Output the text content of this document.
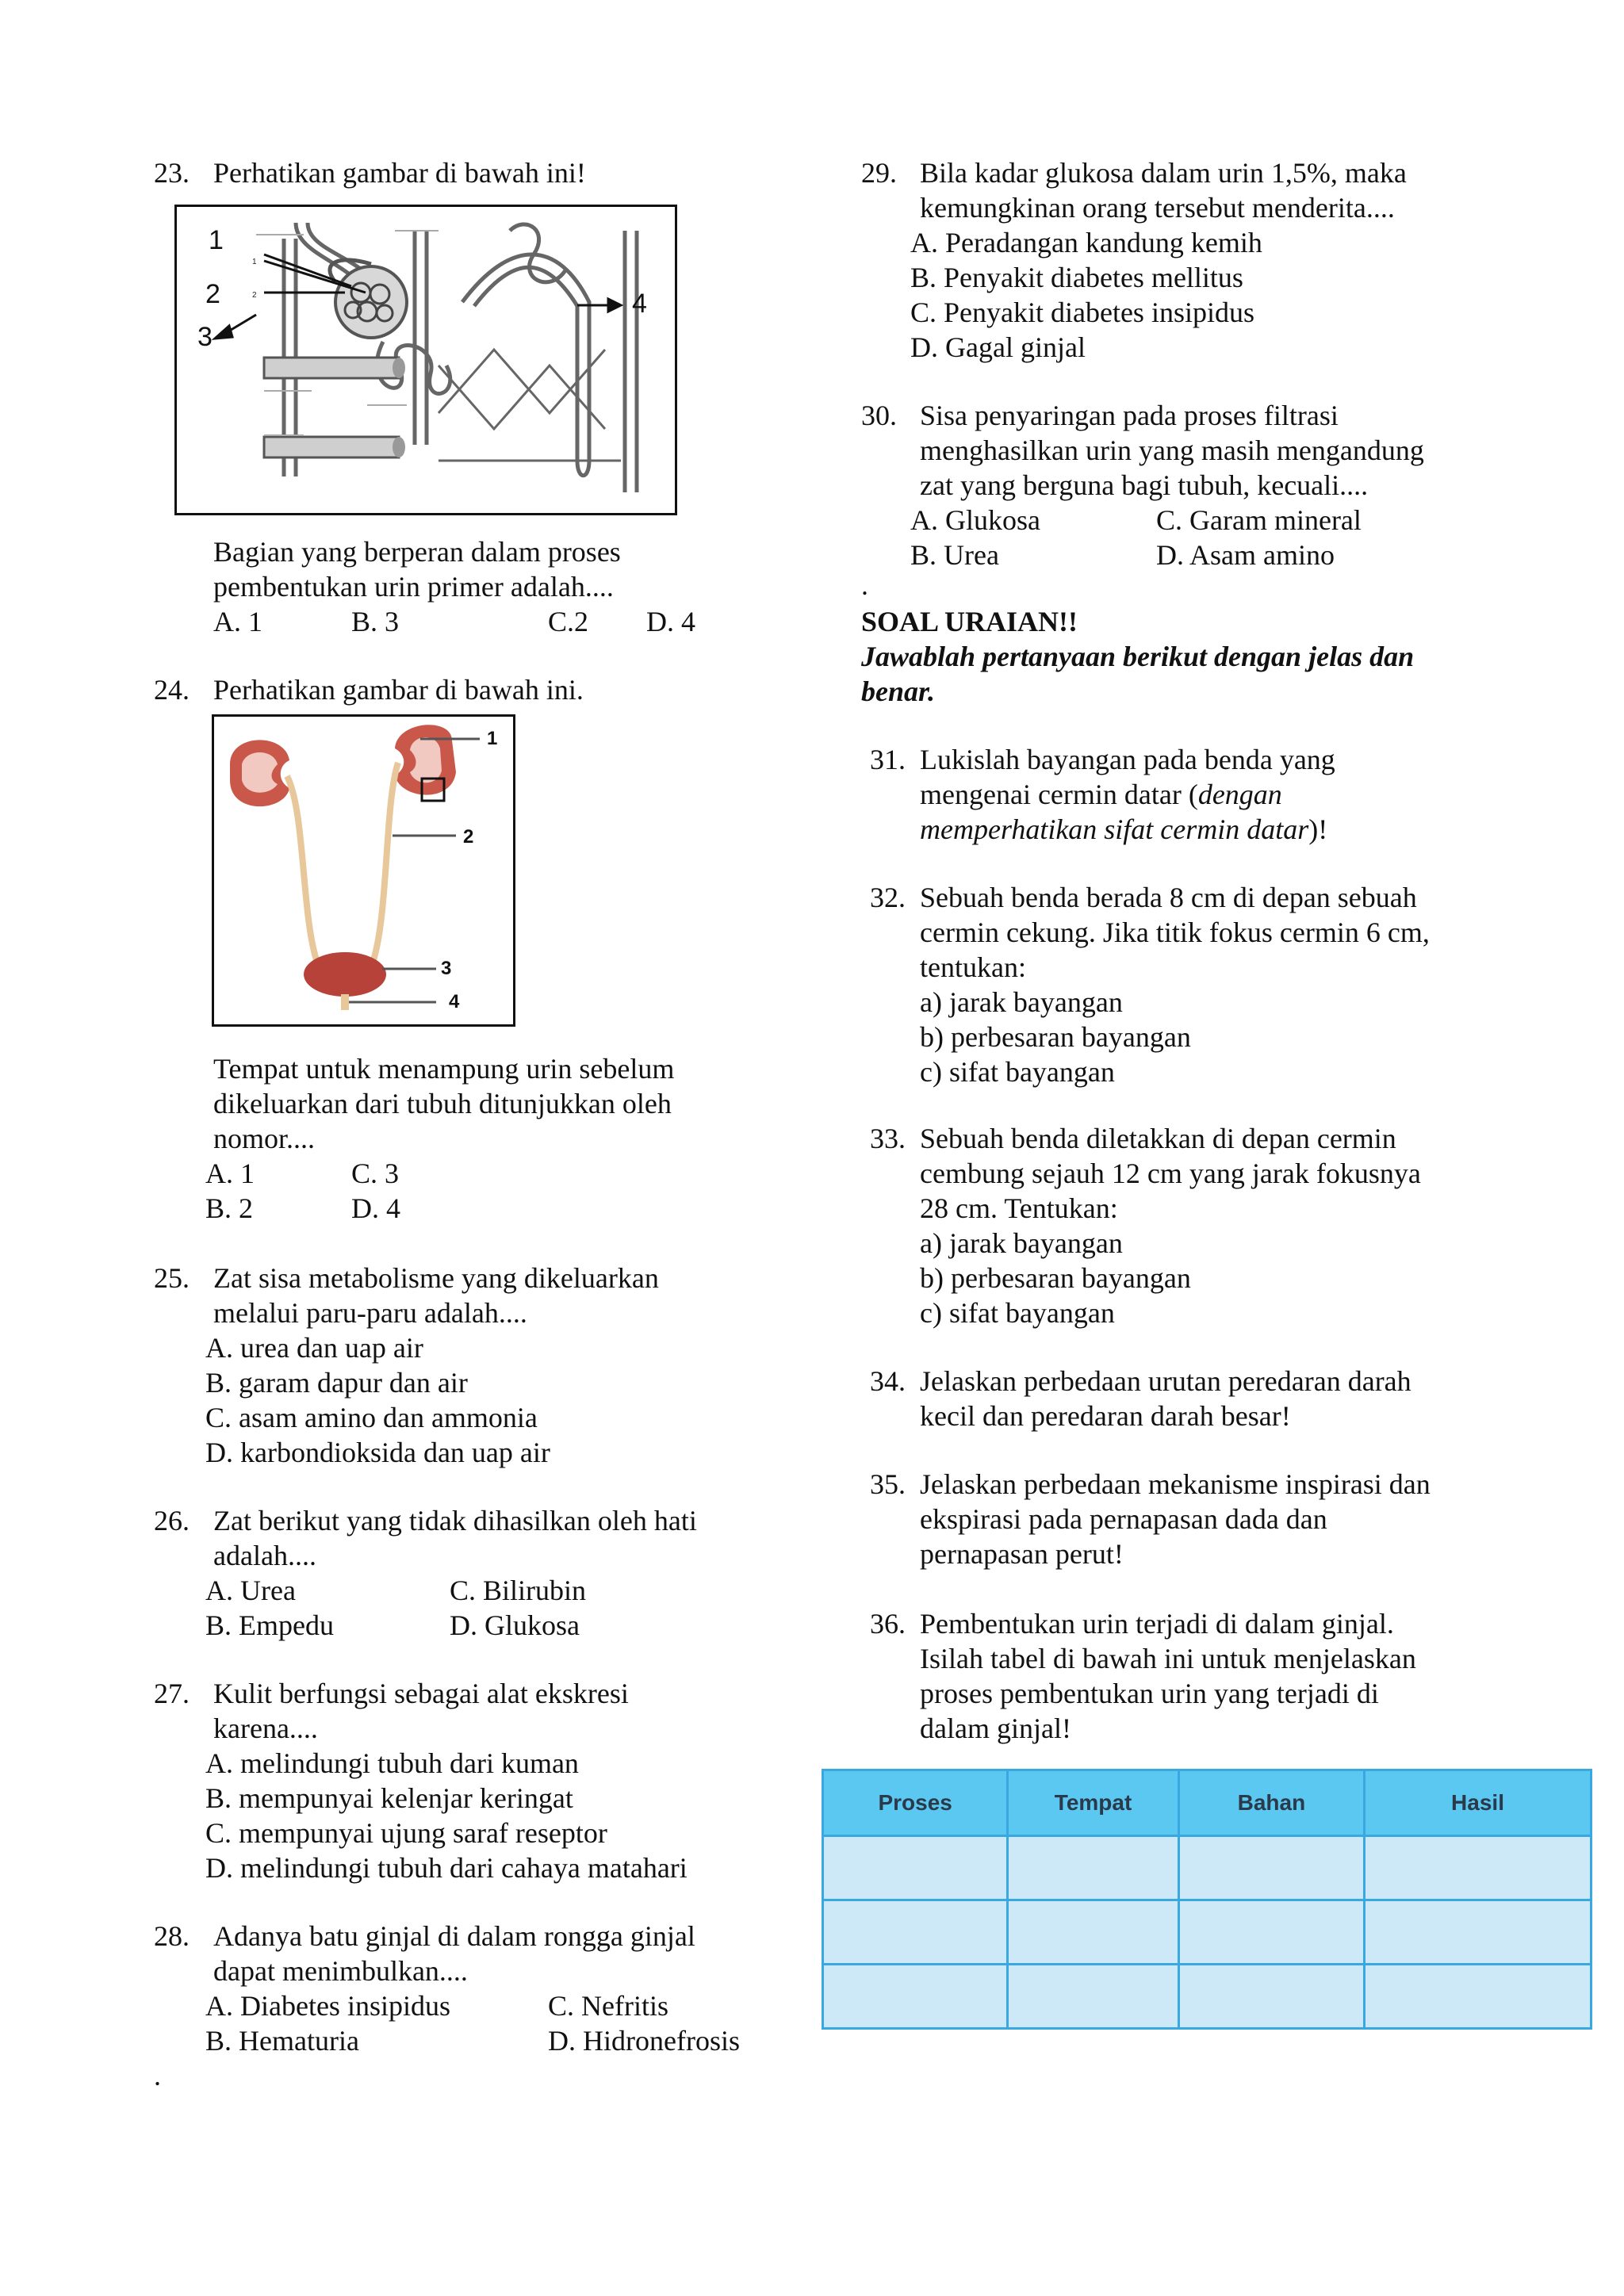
23. Perhatikan gambar di bawah ini!
1
2
1
2
3
4
Bagian yang berperan dalam proses
pembentukan urin primer adalah....
A. 1	B. 3	C.2 D. 4
24. Perhatikan gambar di bawah ini.
1
2
3
4
Tempat untuk menampung urin sebelum
dikeluarkan dari tubuh ditunjukkan oleh
nomor....
A. 1	C. 3
B. 2	D. 4
25. Zat sisa metabolisme yang dikeluarkan
melalui paru-paru adalah....
A. urea dan uap air
B. garam dapur dan air
C. asam amino dan ammonia
D. karbondioksida dan uap air
26. Zat berikut yang tidak dihasilkan oleh hati
adalah....
A. Urea	C. Bilirubin
B. Empedu	D. Glukosa
27. Kulit berfungsi sebagai alat ekskresi
karena....
A. melindungi tubuh dari kuman
B. mempunyai kelenjar keringat
C. mempunyai ujung saraf reseptor
D. melindungi tubuh dari cahaya matahari
28. Adanya batu ginjal di dalam rongga ginjal
dapat menimbulkan....
A. Diabetes insipidus	C. Nefritis
B. Hematuria	D. Hidronefrosis
.
29. Bila kadar glukosa dalam urin 1,5%, maka
kemungkinan orang tersebut menderita....
A. Peradangan kandung kemih
B. Penyakit diabetes mellitus
C. Penyakit diabetes insipidus
D. Gagal ginjal
30. Sisa penyaringan pada proses filtrasi
menghasilkan urin yang masih mengandung
zat yang berguna bagi tubuh, kecuali....
A. Glukosa	C. Garam mineral
B. Urea	D. Asam amino
.
SOAL URAIAN!!
Jawablah pertanyaan berikut dengan jelas dan
benar.
31. Lukislah bayangan pada benda yang
mengenai cermin datar (dengan
memperhatikan sifat cermin datar)!
32. Sebuah benda berada 8 cm di depan sebuah
cermin cekung. Jika titik fokus cermin 6 cm,
tentukan:
a) jarak bayangan
b) perbesaran bayangan
c) sifat bayangan
33. Sebuah benda diletakkan di depan cermin
cembung sejauh 12 cm yang jarak fokusnya
28 cm. Tentukan:
a) jarak bayangan
b) perbesaran bayangan
c) sifat bayangan
34. Jelaskan perbedaan urutan peredaran darah
kecil dan peredaran darah besar!
35. Jelaskan perbedaan mekanisme inspirasi dan
ekspirasi pada pernapasan dada dan
pernapasan perut!
36. Pembentukan urin terjadi di dalam ginjal.
Isilah tabel di bawah ini untuk menjelaskan
proses pembentukan urin yang terjadi di
dalam ginjal!
Proses	Tempat	Bahan	Hasil
